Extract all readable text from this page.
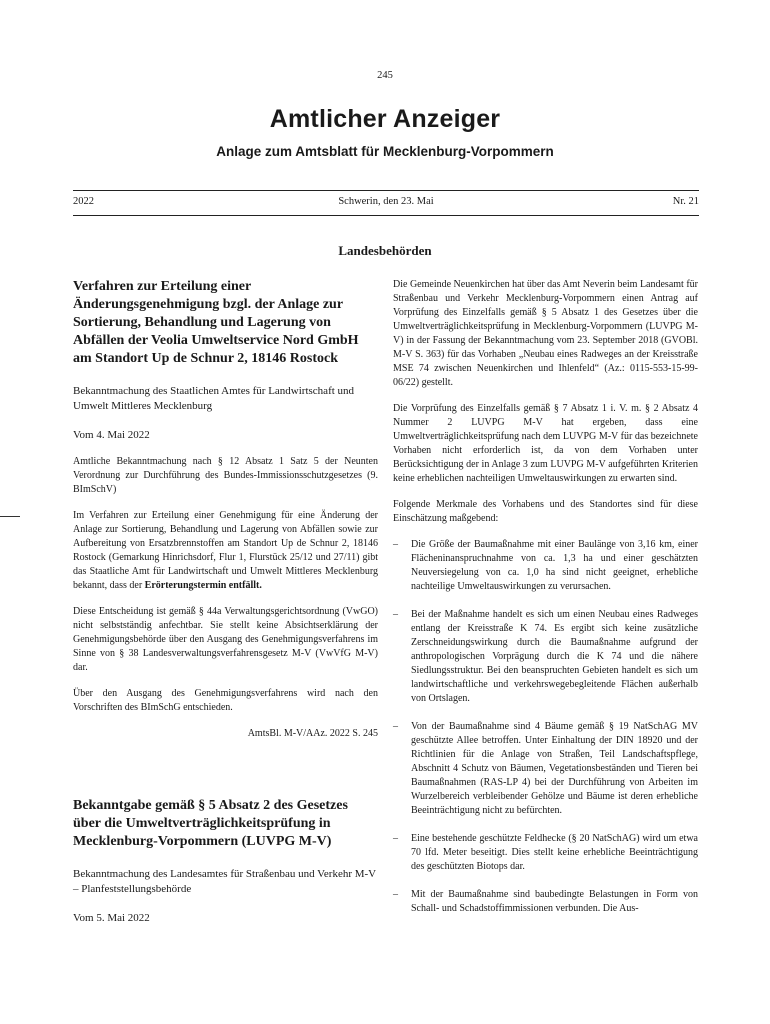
245
Amtlicher Anzeiger
Anlage zum Amtsblatt für Mecklenburg-Vorpommern
2022	Schwerin, den 23. Mai	Nr. 21
Landesbehörden
Verfahren zur Erteilung einer Änderungsgenehmigung bzgl. der Anlage zur Sortierung, Behandlung und Lagerung von Abfällen der Veolia Umweltservice Nord GmbH am Standort Up de Schnur 2, 18146 Rostock
Bekanntmachung des Staatlichen Amtes für Landwirtschaft und Umwelt Mittleres Mecklenburg
Vom 4. Mai 2022
Amtliche Bekanntmachung nach § 12 Absatz 1 Satz 5 der Neunten Verordnung zur Durchführung des Bundes-Immissionsschutzgesetzes (9. BImSchV)
Im Verfahren zur Erteilung einer Genehmigung für eine Änderung der Anlage zur Sortierung, Behandlung und Lagerung von Abfällen sowie zur Aufbereitung von Ersatzbrennstoffen am Standort Up de Schnur 2, 18146 Rostock (Gemarkung Hinrichsdorf, Flur 1, Flurstück 25/12 und 27/11) gibt das Staatliche Amt für Landwirtschaft und Umwelt Mittleres Mecklenburg bekannt, dass der Erörterungstermin entfällt.
Diese Entscheidung ist gemäß § 44a Verwaltungsgerichtsordnung (VwGO) nicht selbstständig anfechtbar. Sie stellt keine Absichtserklärung der Genehmigungsbehörde über den Ausgang des Genehmigungsverfahrens im Sinne von § 38 Landesverwaltungsverfahrensgesetz M-V (VwVfG M-V) dar.
Über den Ausgang des Genehmigungsverfahrens wird nach den Vorschriften des BImSchG entschieden.
AmtsBl. M-V/AAz. 2022 S. 245
Bekanntgabe gemäß § 5 Absatz 2 des Gesetzes über die Umweltverträglichkeitsprüfung in Mecklenburg-Vorpommern (LUVPG M-V)
Bekanntmachung des Landesamtes für Straßenbau und Verkehr M-V – Planfeststellungsbehörde
Vom 5. Mai 2022
Die Gemeinde Neuenkirchen hat über das Amt Neverin beim Landesamt für Straßenbau und Verkehr Mecklenburg-Vorpommern einen Antrag auf Vorprüfung des Einzelfalls gemäß § 5 Absatz 1 des Gesetzes über die Umweltverträglichkeitsprüfung in Mecklenburg-Vorpommern (LUVPG M-V) in der Fassung der Bekanntmachung vom 23. September 2018 (GVOBl. M-V S. 363) für das Vorhaben „Neubau eines Radweges an der Kreisstraße MSE 74 zwischen Neuenkirchen und Ihlenfeld“ (Az.: 0115-553-15-99-06/22) gestellt.
Die Vorprüfung des Einzelfalls gemäß § 7 Absatz 1 i. V. m. § 2 Absatz 4 Nummer 2 LUVPG M-V hat ergeben, dass eine Umweltverträglichkeitsprüfung nach dem LUVPG M-V für das bezeichnete Vorhaben nicht erforderlich ist, da von dem Vorhaben unter Berücksichtigung der in Anlage 3 zum LUVPG M-V aufgeführten Kriterien keine erheblichen nachteiligen Umweltauswirkungen zu erwarten sind.
Folgende Merkmale des Vorhabens und des Standortes sind für diese Einschätzung maßgebend:
– Die Größe der Baumaßnahme mit einer Baulänge von 3,16 km, einer Flächeninanspruchnahme von ca. 1,3 ha und einer geschätzten Neuversiegelung von ca. 1,0 ha sind nicht geeignet, erhebliche nachteilige Umweltauswirkungen zu verursachen.
– Bei der Maßnahme handelt es sich um einen Neubau eines Radweges entlang der Kreisstraße K 74. Es ergibt sich keine zusätzliche Zerschneidungswirkung durch die Baumaßnahme aufgrund der anthropologischen Vorprägung durch die K 74 und die nähere Siedlungsstruktur. Bei den beanspruchten Gebieten handelt es sich um landwirtschaftliche und verkehrswegebegleitende Flächen außerhalb von Ortslagen.
– Von der Baumaßnahme sind 4 Bäume gemäß § 19 NatSchAG MV geschützte Allee betroffen. Unter Einhaltung der DIN 18920 und der Richtlinien für die Anlage von Straßen, Teil Landschaftspflege, Abschnitt 4 Schutz von Bäumen, Vegetationsbeständen und Tieren bei Baumaßnahmen (RAS-LP 4) bei der Durchführung von Arbeiten im Wurzelbereich verbleibender Gehölze und Bäume ist deren erhebliche Beeinträchtigung nicht zu befürchten.
– Eine bestehende geschützte Feldhecke (§ 20 NatSchAG) wird um etwa 70 lfd. Meter beseitigt. Dies stellt keine erhebliche Beeinträchtigung des geschützten Biotops dar.
– Mit der Baumaßnahme sind baubedingte Belastungen in Form von Schall- und Schadstoffimmissionen verbunden. Die Aus-
